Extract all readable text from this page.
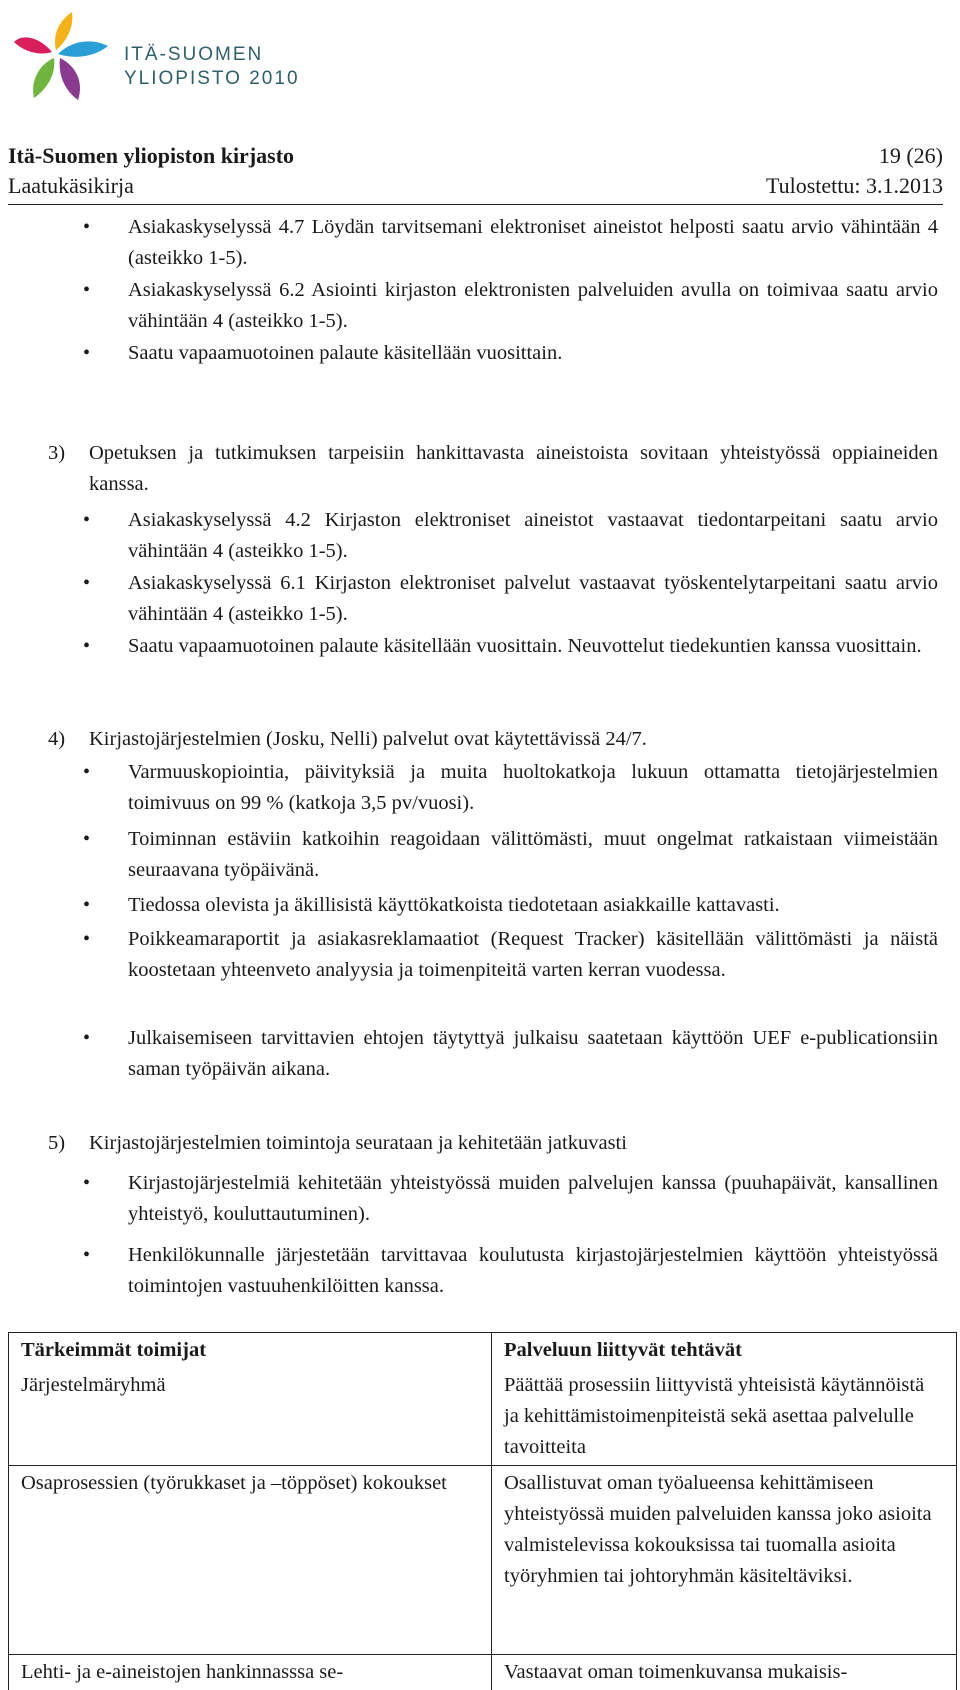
ITÄ-SUOMEN
YLIOPISTO 2010
Itä-Suomen yliopiston kirjasto	19 (26)
Laatukäsikirja	Tulostettu: 3.1.2013
• Asiakaskyselyssä 4.7 Löydän tarvitsemani elektroniset aineistot helposti saatu arvio vähintään 4 (asteikko 1-5).
• Asiakaskyselyssä 6.2 Asiointi kirjaston elektronisten palveluiden avulla on toimivaa saatu arvio vähintään 4 (asteikko 1-5).
• Saatu vapaamuotoinen palaute käsitellään vuosittain.
3) Opetuksen ja tutkimuksen tarpeisiin hankittavasta aineistoista sovitaan yhteistyössä oppiaineiden kanssa.
• Asiakaskyselyssä 4.2 Kirjaston elektroniset aineistot vastaavat tiedontarpeitani saatu arvio vähintään 4 (asteikko 1-5).
• Asiakaskyselyssä 6.1 Kirjaston elektroniset palvelut vastaavat työskentelytarpeitani saatu arvio vähintään 4 (asteikko 1-5).
• Saatu vapaamuotoinen palaute käsitellään vuosittain. Neuvottelut tiedekuntien kanssa vuosittain.
4) Kirjastojärjestelmien (Josku, Nelli) palvelut ovat käytettävissä 24/7.
• Varmuuskopiointia, päivityksiä ja muita huoltokatkoja lukuun ottamatta tietojärjestelmien toimivuus on 99 % (katkoja 3,5 pv/vuosi).
• Toiminnan estäviin katkoihin reagoidaan välittömästi, muut ongelmat ratkaistaan viimeistään seuraavana työpäivänä.
• Tiedossa olevista ja äkillisistä käyttökatkoista tiedotetaan asiakkaille kattavasti.
• Poikkeamaraportit ja asiakasreklamaatiot (Request Tracker) käsitellään välittömästi ja näistä koostetaan yhteenveto analyysia ja toimenpiteitä varten kerran vuodessa.
• Julkaisemiseen tarvittavien ehtojen täytyttyä julkaisu saatetaan käyttöön UEF e-publicationsiin saman työpäivän aikana.
5) Kirjastojärjestelmien toimintoja seurataan ja kehitetään jatkuvasti
• Kirjastojärjestelmiä kehitetään yhteistyössä muiden palvelujen kanssa (puuhapäivät, kansallinen yhteistyö, kouluttautuminen).
• Henkilökunnalle järjestetään tarvittavaa koulutusta kirjastojärjestelmien käyttöön yhteistyössä toimintojen vastuuhenkilöitten kanssa.
Tärkeimmät toimijat	Palveluun liittyvät tehtävät
Järjestelmäryhmä	Päättää prosessiin liittyvistä yhteisistä käytännöistä ja kehittämistoimenpiteistä sekä asettaa palvelulle tavoitteita
Osaprosessien (työrukkaset ja –töppöset) kokoukset	Osallistuvat oman työalueensa kehittämiseen yhteistyössä muiden palveluiden kanssa joko asioita valmistelevissa kokouksissa tai tuomalla asioita työryhmien tai johtoryhmän käsiteltäviksi.
Lehti- ja e-aineistojen hankinnasssa se-	Vastaavat oman toimenkuvansa mukaisis-
